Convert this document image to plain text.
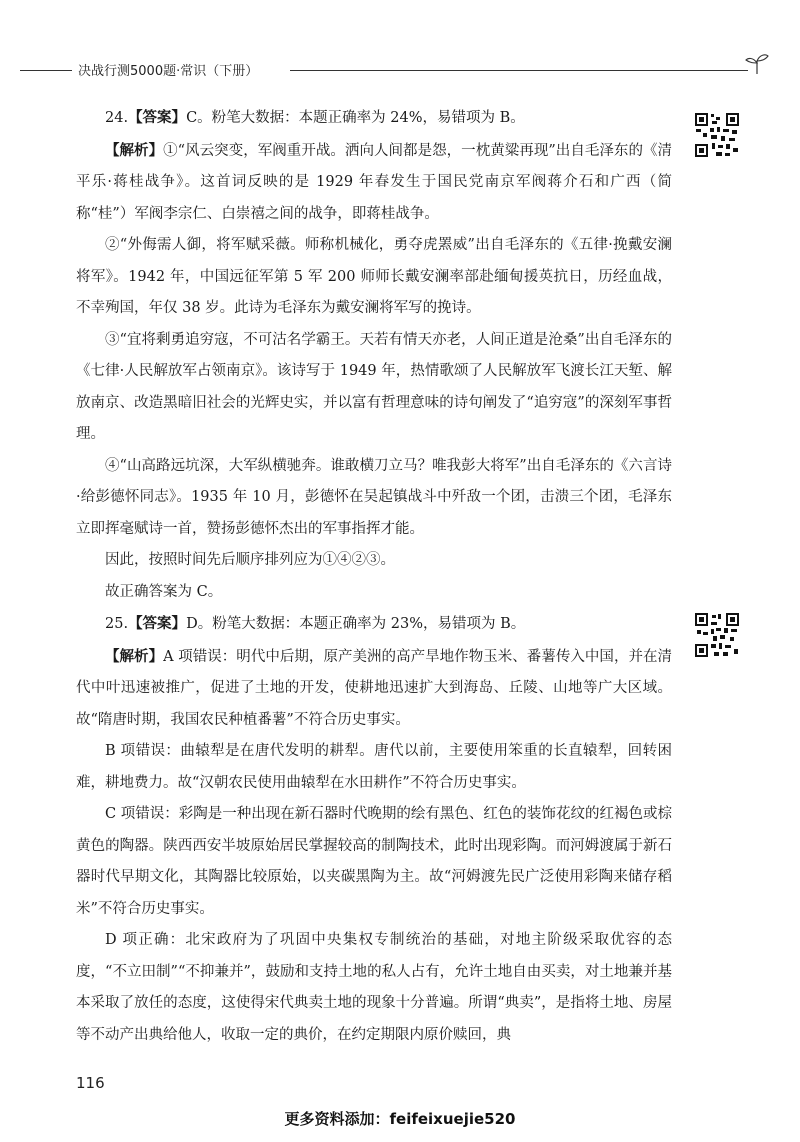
决战行测5000题·常识（下册）

24.【答案】C。粉笔大数据：本题正确率为 24%，易错项为 B。

【解析】①“风云突变，军阀重开战。洒向人间都是怨，一枕黄粱再现”出自毛泽东的《清平乐·蒋桂战争》。这首词反映的是 1929 年春发生于国民党南京军阀蒋介石和广西（简称“桂”）军阀李宗仁、白崇禧之间的战争，即蒋桂战争。

②“外侮需人御，将军赋采薇。师称机械化，勇夺虎罴威”出自毛泽东的《五律·挽戴安澜将军》。1942 年，中国远征军第 5 军 200 师师长戴安澜率部赴缅甸援英抗日，历经血战，不幸殉国，年仅 38 岁。此诗为毛泽东为戴安澜将军写的挽诗。

③“宜将剩勇追穷寇，不可沽名学霸王。天若有情天亦老，人间正道是沧桑”出自毛泽东的《七律·人民解放军占领南京》。该诗写于 1949 年，热情歌颂了人民解放军飞渡长江天堑、解放南京、改造黑暗旧社会的光辉史实，并以富有哲理意味的诗句阐发了“追穷寇”的深刻军事哲理。

④“山高路远坑深，大军纵横驰奔。谁敢横刀立马？唯我彭大将军”出自毛泽东的《六言诗·给彭德怀同志》。1935 年 10 月，彭德怀在吴起镇战斗中歼敌一个团，击溃三个团，毛泽东立即挥毫赋诗一首，赞扬彭德怀杰出的军事指挥才能。

因此，按照时间先后顺序排列应为①④②③。

故正确答案为 C。

25.【答案】D。粉笔大数据：本题正确率为 23%，易错项为 B。

【解析】A 项错误：明代中后期，原产美洲的高产旱地作物玉米、番薯传入中国，并在清代中叶迅速被推广，促进了土地的开发，使耕地迅速扩大到海岛、丘陵、山地等广大区域。故“隋唐时期，我国农民种植番薯”不符合历史事实。

B 项错误：曲辕犁是在唐代发明的耕犁。唐代以前，主要使用笨重的长直辕犁，回转困难，耕地费力。故“汉朝农民使用曲辕犁在水田耕作”不符合历史事实。

C 项错误：彩陶是一种出现在新石器时代晚期的绘有黑色、红色的装饰花纹的红褐色或棕黄色的陶器。陕西西安半坡原始居民掌握较高的制陶技术，此时出现彩陶。而河姆渡属于新石器时代早期文化，其陶器比较原始，以夹碳黑陶为主。故“河姆渡先民广泛使用彩陶来储存稻米”不符合历史事实。

D 项正确：北宋政府为了巩固中央集权专制统治的基础，对地主阶级采取优容的态度，“不立田制”“不抑兼并”，鼓励和支持土地的私人占有，允许土地自由买卖，对土地兼并基本采取了放任的态度，这使得宋代典卖土地的现象十分普遍。所谓“典卖”，是指将土地、房屋等不动产出典给他人，收取一定的典价，在约定期限内原价赎回，典

116
更多资料添加：feifeixuejie520
